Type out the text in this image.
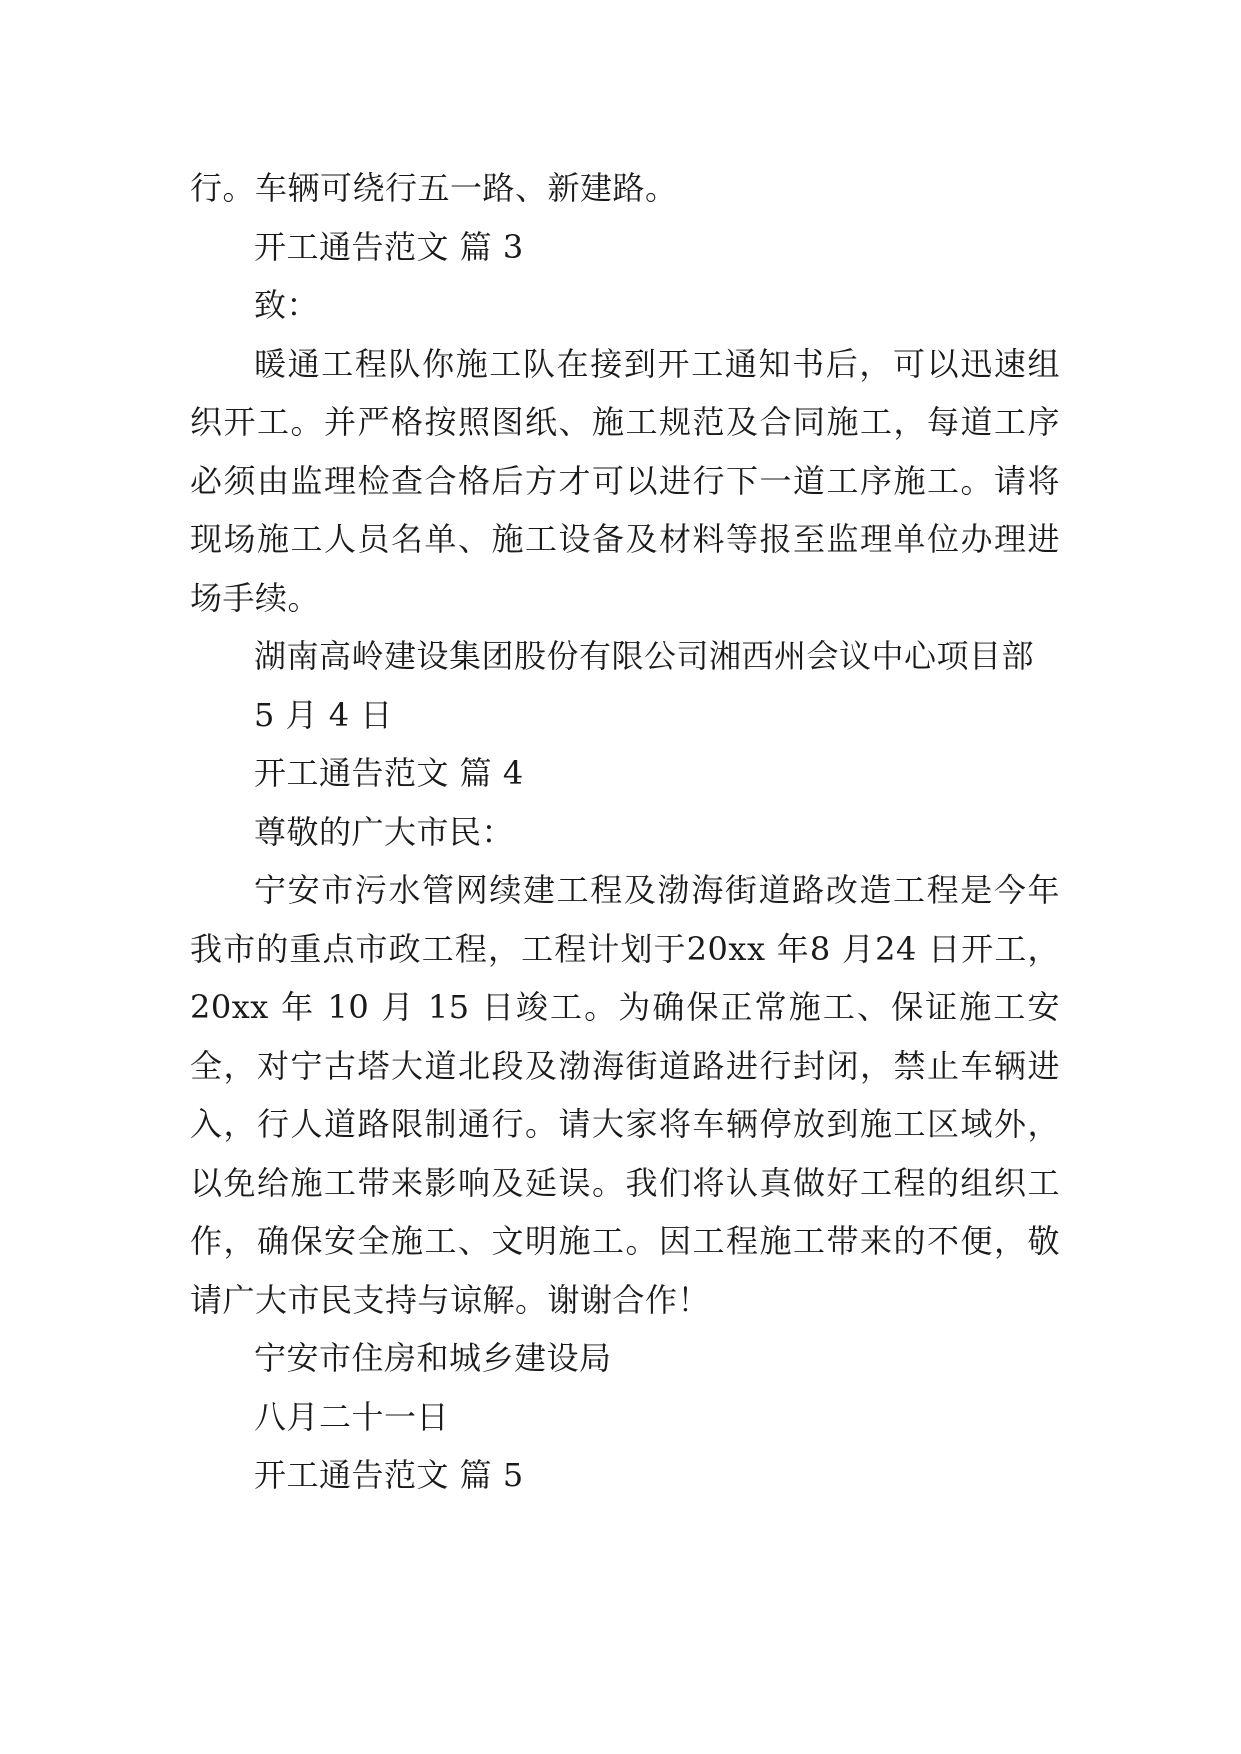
行。车辆可绕行五一路、新建路。

开工通告范文 篇 3

致：

暖通工程队你施工队在接到开工通知书后，可以迅速组织开工。并严格按照图纸、施工规范及合同施工，每道工序必须由监理检查合格后方才可以进行下一道工序施工。请将现场施工人员名单、施工设备及材料等报至监理单位办理进场手续。

湖南高岭建设集团股份有限公司湘西州会议中心项目部

5 月 4 日

开工通告范文 篇 4

尊敬的广大市民：

宁安市污水管网续建工程及渤海街道路改造工程是今年我市的重点市政工程，工程计划于20xx 年8 月24 日开工，20xx 年 10 月 15 日竣工。为确保正常施工、保证施工安全，对宁古塔大道北段及渤海街道路进行封闭，禁止车辆进入，行人道路限制通行。请大家将车辆停放到施工区域外，以免给施工带来影响及延误。我们将认真做好工程的组织工作，确保安全施工、文明施工。因工程施工带来的不便，敬请广大市民支持与谅解。谢谢合作！

宁安市住房和城乡建设局

八月二十一日

开工通告范文 篇 5
